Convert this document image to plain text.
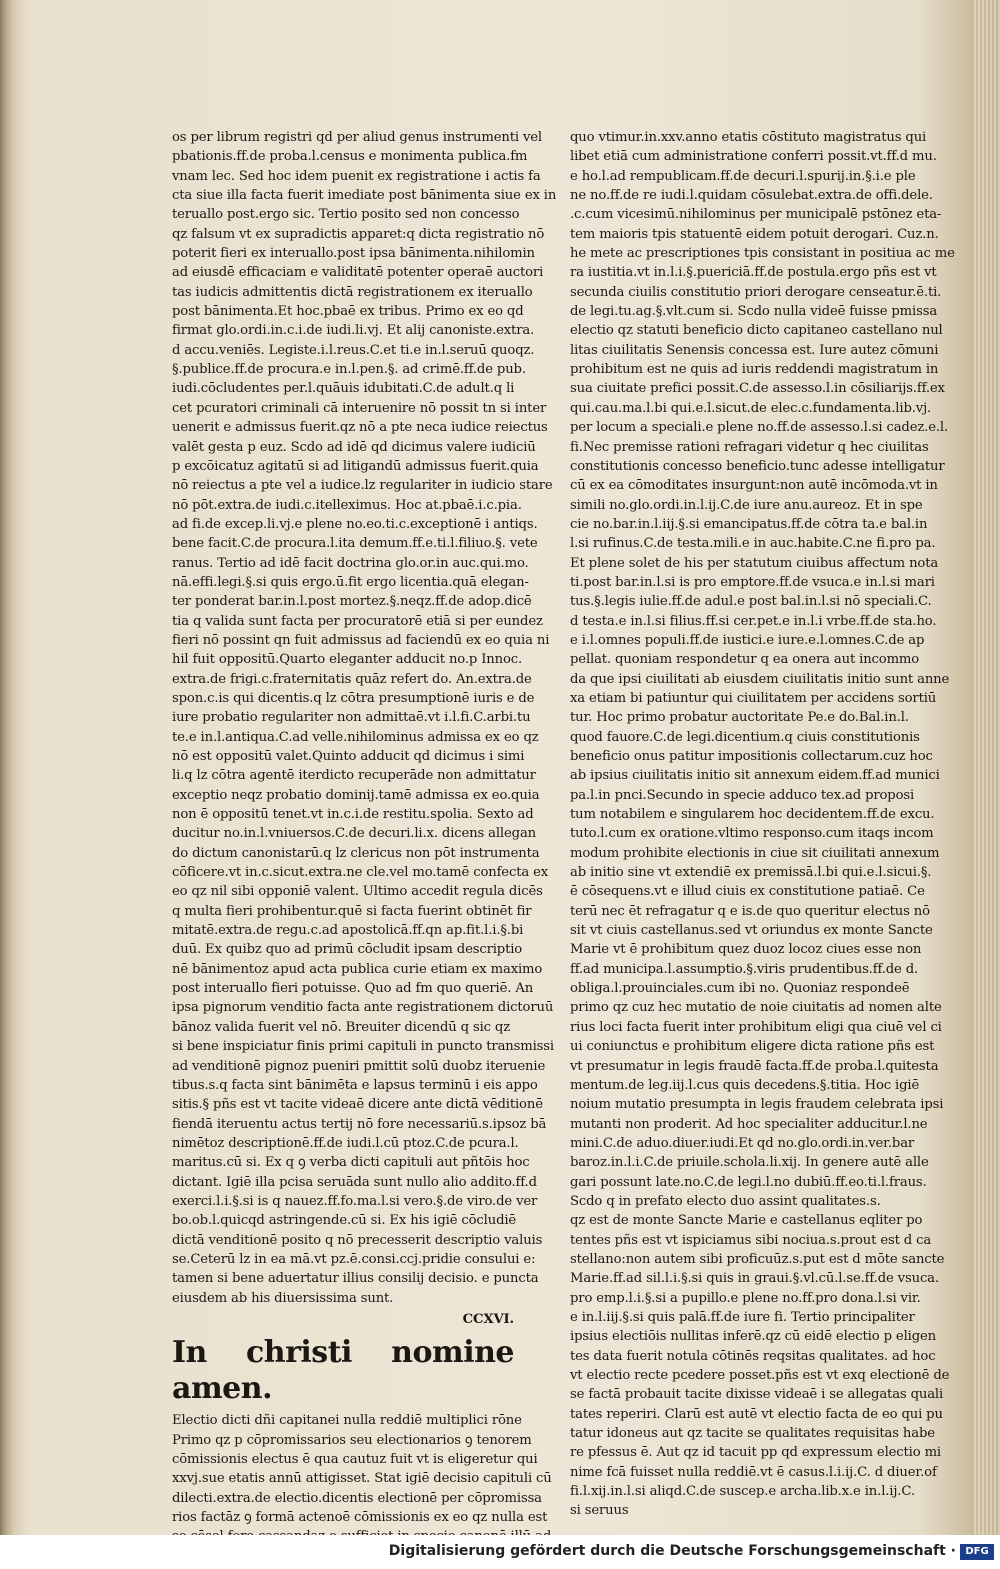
os per librum registri qd per aliud genus instrumenti vel
pbationis.ff.de proba.l.census e monimenta publica.fm
vnam lec. Sed hoc idem puenit ex registratione i actis fa
cta siue illa facta fuerit imediate post bānimenta siue ex in
teruallo post.ergo sic. Tertio posito sed non concesso
qz falsum vt ex supradictis apparet:q dicta registratio nō
poterit fieri ex interuallo.post ipsa bānimenta.nihilomin
ad eiusdē efficaciam e validitatē potenter operaē auctori
tas iudicis admittentis dictā registrationem ex iteruallo
post bānimenta.Et hoc.pbaē ex tribus. Primo ex eo qd
firmat glo.ordi.in.c.i.de iudi.li.vj. Et alij canoniste.extra.
d accu.veniēs. Legiste.i.l.reus.C.et ti.e in.l.seruū quoqz.
§.publice.ff.de procura.e in.l.pen.§. ad crimē.ff.de pub.
iudi.cōcludentes per.l.quāuis idubitati.C.de adult.q li
cet pcuratori criminali cā interuenire nō possit tn si inter
uenerit e admissus fuerit.qz nō a pte neca iudice reiectus
valēt gesta p euz. Scdo ad idē qd dicimus valere iudiciū
p excōicatuz agitatū si ad litigandū admissus fuerit.quia
nō reiectus a pte vel a iudice.lz regulariter in iudicio stare
nō pōt.extra.de iudi.c.itelleximus. Hoc at.pbaē.i.c.pia.
ad fi.de excep.li.vj.e plene no.eo.ti.c.exceptionē i antiqs.
bene facit.C.de procura.l.ita demum.ff.e.ti.l.filiuo.§. vete
ranus. Tertio ad idē facit doctrina glo.or.in auc.qui.mo.
nā.effi.legi.§.si quis ergo.ū.fit ergo licentia.quā elegan-
ter ponderat bar.in.l.post mortez.§.neqz.ff.de adop.dicē
tia q valida sunt facta per procuratorē etiā si per eundez
fieri nō possint qn fuit admissus ad faciendū ex eo quia ni
hil fuit oppositū.Quarto eleganter adducit no.p Innoc.
extra.de frigi.c.fraternitatis quāz refert do. An.extra.de
spon.c.is qui dicentis.q lz cōtra presumptionē iuris e de
iure probatio regulariter non admittaē.vt i.l.fi.C.arbi.tu
te.e in.l.antiqua.C.ad velle.nihilominus admissa ex eo qz
nō est oppositū valet.Quinto adducit qd dicimus i simi
li.q lz cōtra agentē iterdicto recuperāde non admittatur
exceptio neqz probatio dominij.tamē admissa ex eo.quia
non ē oppositū tenet.vt in.c.i.de restitu.spolia. Sexto ad
ducitur no.in.l.vniuersos.C.de decuri.li.x. dicens allegan
do dictum canonistarū.q lz clericus non pōt instrumenta
cōficere.vt in.c.sicut.extra.ne cle.vel mo.tamē confecta ex
eo qz nil sibi opponiē valent. Ultimo accedit regula dicēs
q multa fieri prohibentur.quē si facta fuerint obtinēt fir
mitatē.extra.de regu.c.ad apostolicā.ff.qn ap.fit.l.i.§.bi
duū. Ex quibz quo ad primū cōcludit ipsam descriptio
nē bānimentoz apud acta publica curie etiam ex maximo
post interuallo fieri potuisse. Quo ad fm quo queriē. An
ipsa pignorum venditio facta ante registrationem dictoruū
bānoz valida fuerit vel nō. Breuiter dicendū q sic qz
si bene inspiciatur finis primi capituli in puncto transmissi
ad venditionē pignoz pueniri pmittit solū duobz iteruenie
tibus.s.q facta sint bānimēta e lapsus terminū i eis appo
sitis.§ pñs est vt tacite videaē dicere ante dictā vēditionē
fiendā iteruentu actus tertij nō fore necessariū.s.ipsoz bā
nimētoz descriptionē.ff.de iudi.l.cū ptoz.C.de pcura.l.
maritus.cū si. Ex q ꝯ verba dicti capituli aut pñtōis hoc
dictant. Igiē illa pcisa seruāda sunt nullo alio addito.ff.d
exerci.l.i.§.si is q nauez.ff.fo.ma.l.si vero.§.de viro.de ver
bo.ob.l.quicqd astringende.cū si. Ex his igiē cōcludiē
dictā venditionē posito q nō precesserit descriptio valuis
se.Ceterū lz in ea mā.vt pz.ē.consi.ccj.pridie consului e:
tamen si bene aduertatur illius consilij decisio. e puncta
eiusdem ab his diuersissima sunt.
CCXVI.
In christi nomine amen.
Electio dicti dñi capitanei nulla reddiē multiplici rōne
Primo qz p cōpromissarios seu electionarios ꝯ tenorem
cōmissionis electus ē qua cautuz fuit vt is eligeretur qui
xxvj.sue etatis annū attigisset. Stat igiē decisio capituli cū
dilecti.extra.de electio.dicentis electionē per cōpromissa
rios factāz ꝯ formā actenoē cōmissionis ex eo qz nulla est
quo vtimur.in.xxv.anno etatis cōstituto magistratus qui
libet etiā cum administratione conferri possit.vt.ff.d mu.
e ho.l.ad rempublicam.ff.de decuri.l.spurij.in.§.i.e ple
ne no.ff.de re iudi.l.quidam cōsulebat.extra.de offi.dele.
.c.cum vicesimū.nihilominus per municipalē pstōnez eta-
tem maioris tpis statuentē eidem potuit derogari. Cuz.n.
he mete ac prescriptiones tpis consistant in positiua ac me
ra iustitia.vt in.l.i.§.puericiā.ff.de postula.ergo pñs est vt
secunda ciuilis constitutio priori derogare censeatur.ē.ti.
de legi.tu.ag.§.vlt.cum si. Scdo nulla videē fuisse pmissa
electio qz statuti beneficio dicto capitaneo castellano nul
litas ciuilitatis Senensis concessa est. Iure autez cōmuni
prohibitum est ne quis ad iuris reddendi magistratum in
sua ciuitate prefici possit.C.de assesso.l.in cōsiliarijs.ff.ex
qui.cau.ma.l.bi qui.e.l.sicut.de elec.c.fundamenta.lib.vj.
per locum a speciali.e plene no.ff.de assesso.l.si cadez.e.l.
fi.Nec premisse rationi refragari videtur q hec ciuilitas
constitutionis concesso beneficio.tunc adesse intelligatur
cū ex ea cōmoditates insurgunt:non autē incōmoda.vt in
simili no.glo.ordi.in.l.ij.C.de iure anu.aureoz. Et in spe
cie no.bar.in.l.iij.§.si emancipatus.ff.de cōtra ta.e bal.in
l.si rufinus.C.de testa.mili.e in auc.habite.C.ne fi.pro pa.
Et plene solet de his per statutum ciuibus affectum nota
ti.post bar.in.l.si is pro emptore.ff.de vsuca.e in.l.si mari
tus.§.legis iulie.ff.de adul.e post bal.in.l.si nō speciali.C.
d testa.e in.l.si filius.ff.si cer.pet.e in.l.i vrbe.ff.de sta.ho.
e i.l.omnes populi.ff.de iustici.e iure.e.l.omnes.C.de ap
pellat. quoniam respondetur q ea onera aut incommo
da que ipsi ciuilitati ab eiusdem ciuilitatis initio sunt anne
xa etiam bi patiuntur qui ciuilitatem per accidens sortiū
tur. Hoc primo probatur auctoritate Pe.e do.Bal.in.l.
quod fauore.C.de legi.dicentium.q ciuis constitutionis
beneficio onus patitur impositionis collectarum.cuz hoc
ab ipsius ciuilitatis initio sit annexum eidem.ff.ad munici
pa.l.in pnci.Secundo in specie adduco tex.ad proposi
tum notabilem e singularem hoc decidentem.ff.de excu.
tuto.l.cum ex oratione.vltimo responso.cum itaqs incom
modum prohibite electionis in ciue sit ciuilitati annexum
ab initio sine vt extendiē ex premissā.l.bi qui.e.l.sicui.§.
ē cōsequens.vt e illud ciuis ex constitutione patiaē. Ce
terū nec ēt refragatur q e is.de quo queritur electus nō
sit vt ciuis castellanus.sed vt oriundus ex monte Sancte
Marie vt ē prohibitum quez duoz locoz ciues esse non
ff.ad municipa.l.assumptio.§.viris prudentibus.ff.de d.
obliga.l.prouinciales.cum ibi no. Quoniaz respondeē
primo qz cuz hec mutatio de noie ciuitatis ad nomen alte
rius loci facta fuerit inter prohibitum eligi qua ciuē vel ci
ui coniunctus e prohibitum eligere dicta ratione pñs est
vt presumatur in legis fraudē facta.ff.de proba.l.quitesta
mentum.de leg.iij.l.cus quis decedens.§.titia. Hoc igiē
noium mutatio presumpta in legis fraudem celebrata ipsi
mutanti non proderit. Ad hoc specialiter adducitur.l.ne
mini.C.de aduo.diuer.iudi.Et qd no.glo.ordi.in.ver.bar
baroz.in.l.i.C.de priuile.schola.li.xij. In genere autē alle
gari possunt late.no.C.de legi.l.no dubiū.ff.eo.ti.l.fraus.
Scdo q in prefato electo duo assint qualitates.s.
qz est de monte Sancte Marie e castellanus eqliter po
tentes pñs est vt ispiciamus sibi nociua.s.prout est d ca
stellano:non autem sibi proficuūz.s.put est d mōte sancte
Marie.ff.ad sil.l.i.§.si quis in graui.§.vl.cū.l.se.ff.de vsuca.
pro emp.l.i.§.si a pupillo.e plene no.ff.pro dona.l.si vir.
e in.l.iij.§.si quis palā.ff.de iure fi. Tertio principaliter
ipsius electiōis nullitas inferē.qz cū eidē electio p eligen
tes data fuerit notula cōtinēs reqsitas qualitates. ad hoc
vt electio recte pcedere posset.pñs est vt exq electionē de
se factā probauit tacite dixisse videaē i se allegatas quali
tates reperiri. Clarū est autē vt electio facta de eo qui pu
tatur idoneus aut qz tacite se qualitates requisitas habe
re pfessus ē. Aut qz id tacuit pp qd expressum electio mi
nime fcā fuisset nulla reddiē.vt ē casus.l.i.ij.C. d diuer.of
fi.l.xij.in.l.si aliqd.C.de suscep.e archa.lib.x.e in.l.ij.C.
si seruus
Digitalisierung gefördert durch die Deutsche Forschungsgemeinschaft · DFG
